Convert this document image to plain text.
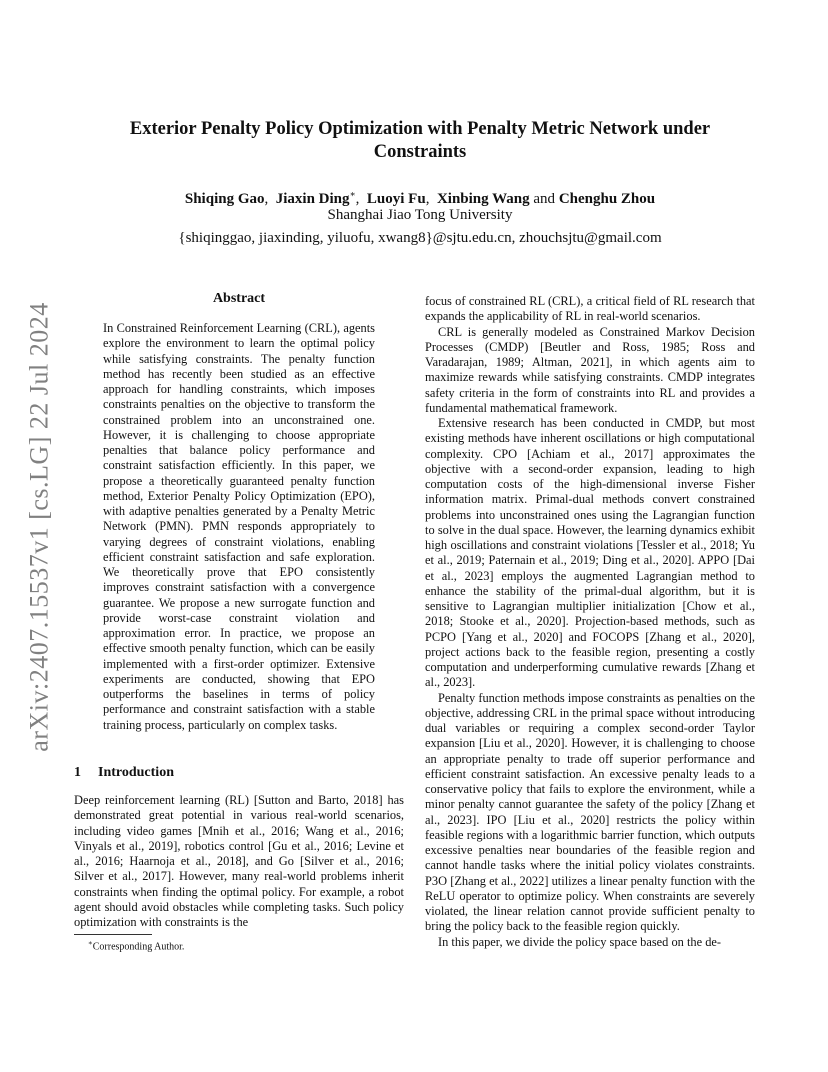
arXiv:2407.15537v1 [cs.LG] 22 Jul 2024
Exterior Penalty Policy Optimization with Penalty Metric Network under
Constraints
Shiqing Gao,  Jiaxin Ding∗,  Luoyi Fu,  Xinbing Wang and Chenghu Zhou
Shanghai Jiao Tong University
{shiqinggao, jiaxinding, yiluofu, xwang8}@sjtu.edu.cn, zhouchsjtu@gmail.com
Abstract
In Constrained Reinforcement Learning (CRL), agents explore the environment to learn the optimal policy while satisfying constraints. The penalty function method has recently been studied as an effective approach for handling constraints, which imposes constraints penalties on the objective to transform the constrained problem into an unconstrained one. However, it is challenging to choose appropriate penalties that balance policy performance and constraint satisfaction efficiently. In this paper, we propose a theoretically guaranteed penalty function method, Exterior Penalty Policy Optimization (EPO), with adaptive penalties generated by a Penalty Metric Network (PMN). PMN responds appropriately to varying degrees of constraint violations, enabling efficient constraint satisfaction and safe exploration. We theoretically prove that EPO consistently improves constraint satisfaction with a convergence guarantee. We propose a new surrogate function and provide worst-case constraint violation and approximation error. In practice, we propose an effective smooth penalty function, which can be easily implemented with a first-order optimizer. Extensive experiments are conducted, showing that EPO outperforms the baselines in terms of policy performance and constraint satisfaction with a stable training process, particularly on complex tasks.
1 Introduction

Deep reinforcement learning (RL) [Sutton and Barto, 2018] has demonstrated great potential in various real-world scenarios, including video games [Mnih et al., 2016; Wang et al., 2016; Vinyals et al., 2019], robotics control [Gu et al., 2016; Levine et al., 2016; Haarnoja et al., 2018], and Go [Silver et al., 2016; Silver et al., 2017]. However, many real-world problems inherit constraints when finding the optimal policy. For example, a robot agent should avoid obstacles while completing tasks. Such policy optimization with constraints is the

∗Corresponding Author.

focus of constrained RL (CRL), a critical field of RL research that expands the applicability of RL in real-world scenarios.

CRL is generally modeled as Constrained Markov Decision Processes (CMDP) [Beutler and Ross, 1985; Ross and Varadarajan, 1989; Altman, 2021], in which agents aim to maximize rewards while satisfying constraints. CMDP integrates safety criteria in the form of constraints into RL and provides a fundamental mathematical framework.

Extensive research has been conducted in CMDP, but most existing methods have inherent oscillations or high computational complexity. CPO [Achiam et al., 2017] approximates the objective with a second-order expansion, leading to high computation costs of the high-dimensional inverse Fisher information matrix. Primal-dual methods convert constrained problems into unconstrained ones using the Lagrangian function to solve in the dual space. However, the learning dynamics exhibit high oscillations and constraint violations [Tessler et al., 2018; Yu et al., 2019; Paternain et al., 2019; Ding et al., 2020]. APPO [Dai et al., 2023] employs the augmented Lagrangian method to enhance the stability of the primal-dual algorithm, but it is sensitive to Lagrangian multiplier initialization [Chow et al., 2018; Stooke et al., 2020]. Projection-based methods, such as PCPO [Yang et al., 2020] and FOCOPS [Zhang et al., 2020], project actions back to the feasible region, presenting a costly computation and underperforming cumulative rewards [Zhang et al., 2023].

Penalty function methods impose constraints as penalties on the objective, addressing CRL in the primal space without introducing dual variables or requiring a complex second-order Taylor expansion [Liu et al., 2020]. However, it is challenging to choose an appropriate penalty to trade off superior performance and efficient constraint satisfaction. An excessive penalty leads to a conservative policy that fails to explore the environment, while a minor penalty cannot guarantee the safety of the policy [Zhang et al., 2023]. IPO [Liu et al., 2020] restricts the policy within feasible regions with a logarithmic barrier function, which outputs excessive penalties near boundaries of the feasible region and cannot handle tasks where the initial policy violates constraints. P3O [Zhang et al., 2022] utilizes a linear penalty function with the ReLU operator to optimize policy. When constraints are severely violated, the linear relation cannot provide sufficient penalty to bring the policy back to the feasible region quickly.

In this paper, we divide the policy space based on the de-
